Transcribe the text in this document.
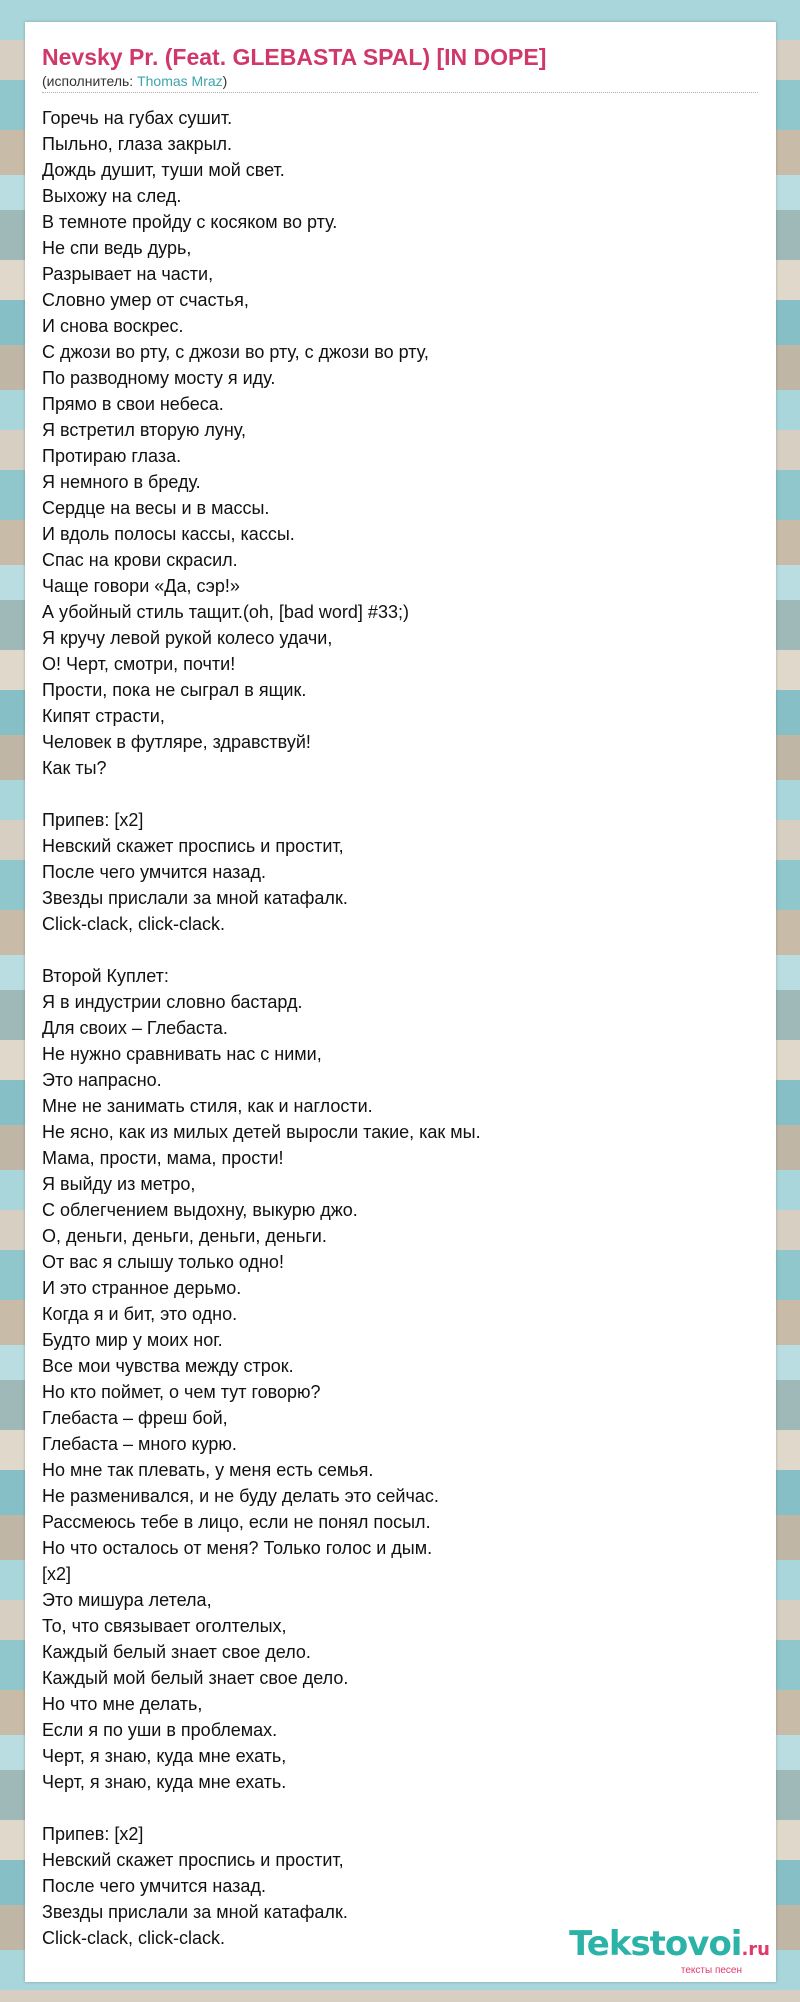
Nevsky Pr. (Feat. GLEBASTA SPAL) [IN DOPE]
(исполнитель: Thomas Mraz)
Горечь на губах сушит.
Пыльно, глаза закрыл.
Дождь душит, туши мой свет.
Выхожу на след.
В темноте пройду с косяком во рту.
Не спи ведь дурь,
Разрывает на части,
Словно умер от счастья,
И снова воскрес.
С джози во рту, с джози во рту, с джози во рту,
По разводному мосту я иду.
Прямо в свои небеса.
Я встретил вторую луну,
Протираю глаза.
Я немного в бреду.
Сердце на весы и в массы.
И вдоль полосы кассы, кассы.
Спас на крови скрасил.
Чаще говори «Да, сэр!»
А убойный стиль тащит.(oh, [bad word] #33;)
Я кручу левой рукой колесо удачи,
О! Черт, смотри, почти!
Прости, пока не сыграл в ящик.
Кипят страсти,
Человек в футляре, здравствуй!
Как ты?
Припев: [x2]
Невский скажет проспись и простит,
После чего умчится назад.
Звезды прислали за мной катафалк.
Click-clack, click-clack.
Второй Куплет:
Я в индустрии словно бастард.
Для своих – Глебаста.
Не нужно сравнивать нас с ними,
Это напрасно.
Мне не занимать стиля, как и наглости.
Не ясно, как из милых детей выросли такие, как мы.
Мама, прости, мама, прости!
Я выйду из метро,
С облегчением выдохну, выкурю джо.
О, деньги, деньги, деньги, деньги.
От вас я слышу только одно!
И это странное дерьмо.
Когда я и бит, это одно.
Будто мир у моих ног.
Все мои чувства между строк.
Но кто поймет, о чем тут говорю?
Глебаста – фреш бой,
Глебаста – много курю.
Но мне так плевать, у меня есть семья.
Не разменивался, и не буду делать это сейчас.
Рассмеюсь тебе в лицо, если не понял посыл.
Но что осталось от меня? Только голос и дым.
[x2]
Это мишура летела,
То, что связывает оголтелых,
Каждый белый знает свое дело.
Каждый мой белый знает свое дело.
Но что мне делать,
Если я по уши в проблемах.
Черт, я знаю, куда мне ехать,
Черт, я знаю, куда мне ехать.
Припев: [x2]
Невский скажет проспись и простит,
После чего умчится назад.
Звезды прислали за мной катафалк.
Click-clack, click-clack.	Tekstovoi.ru
тексты песен
